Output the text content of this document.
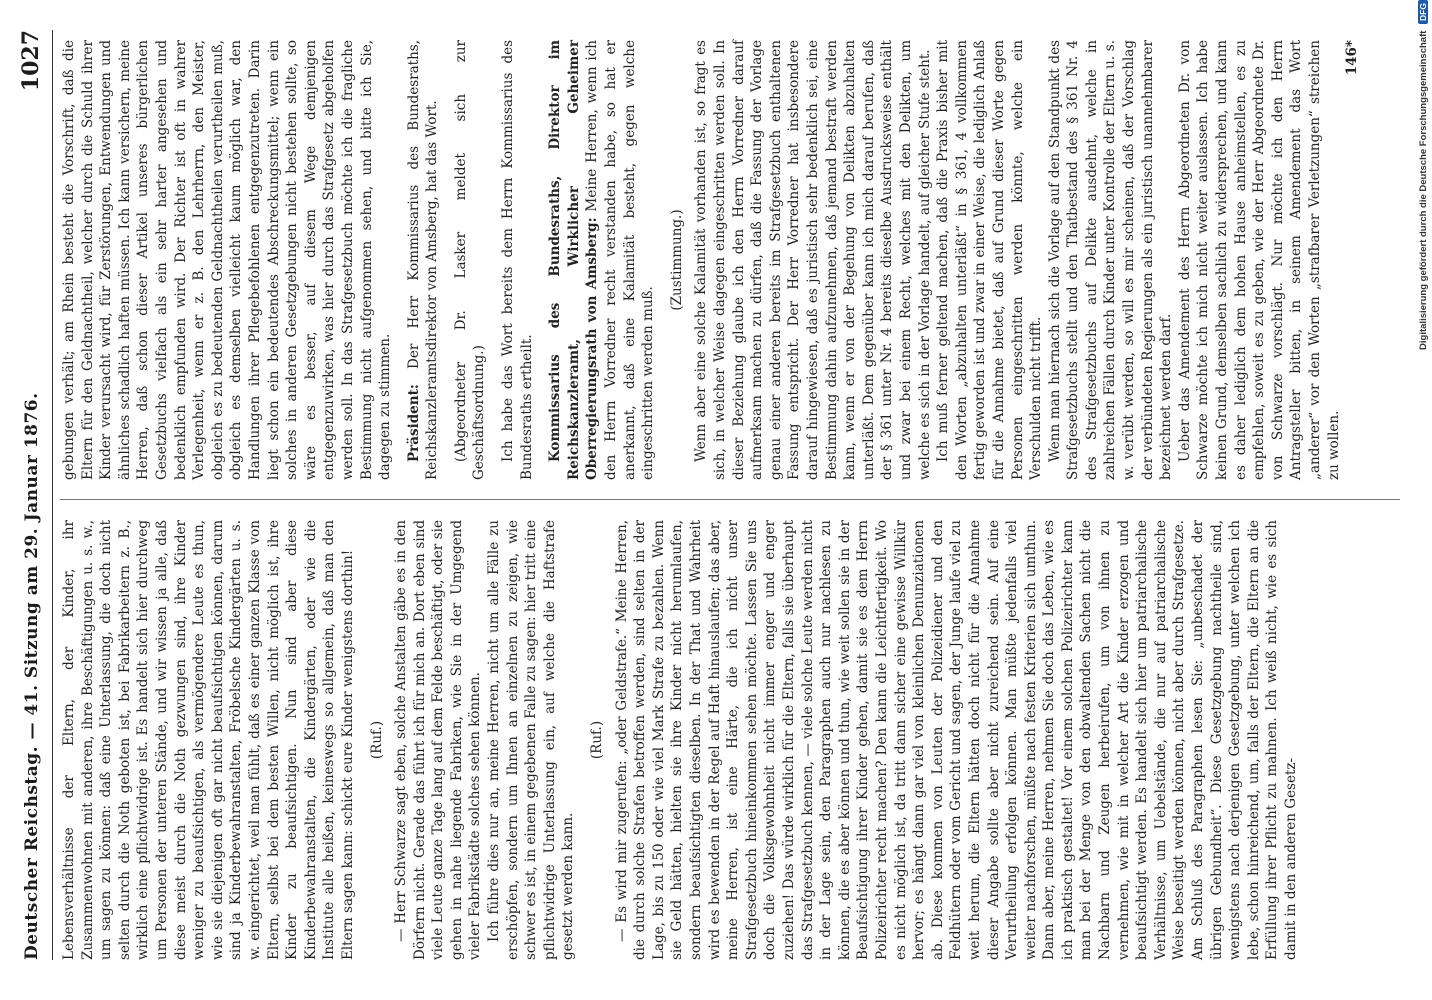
Deutscher Reichstag. — 41. Sitzung am 29. Januar 1876.
1027

Lebensverhältnisse der Eltern, der Kinder, ihr Zusammenwohnen mit anderen, ihre Beschäftigungen u. s. w., um sagen zu können: daß eine Unterlassung, die doch nicht selten durch die Noth geboten ist, bei Fabrikarbeitern z. B., wirklich eine pflichtwidrige ist. Es handelt sich hier durchweg um Personen der unteren Stände, und wir wissen ja alle, daß diese meist durch die Noth gezwungen sind, ihre Kinder weniger zu beaufsichtigen, als vermögendere Leute es thun, wie sie diejenigen oft gar nicht beaufsichtigen können, darum sind ja Kinderbewahranstalten, Fröbelsche Kindergärten u. s. w. eingerichtet, weil man fühlt, daß es einer ganzen Klasse von Eltern, selbst bei dem besten Willen, nicht möglich ist, ihre Kinder zu beaufsichtigen. Nun sind aber diese Kinderbewahranstalten, die Kindergärten, oder wie die Institute alle heißen, keineswegs so allgemein, daß man den Eltern sagen kann: schickt eure Kinder wenigstens dorthin! (Ruf.) — Herr Schwarze sagt eben, solche Anstalten gäbe es in den Dörfern nicht. Gerade das führt ich für mich an. Dort eben sind viele Leute ganze Tage lang auf dem Felde beschäftigt, oder sie gehen in nahe liegende Fabriken, wie Sie in der Umgegend vieler Fabrikstädte solches sehen können. Ich führe dies nur an, meine Herren, nicht um alle Fälle zu erschöpfen, sondern um Ihnen an einzelnen zu zeigen, wie schwer es ist, in einem gegebenen Falle zu sagen: hier tritt eine pflichtwidrige Unterlassung ein, auf welche die Haftstrafe gesetzt werden kann.

(Ruf.) — Es wird mir zugerufen: „oder Geldstrafe.“ Meine Herren, die durch solche Strafen betroffen werden, sind selten in der Lage, bis zu 150 oder wie viel Mark Strafe zu bezahlen. Wenn sie Geld hätten, hielten sie ihre Kinder nicht herumlaufen, sondern beaufsichtigten dieselben. In der That und Wahrheit wird es bewenden in der Regel auf Haft hinauslaufen; das aber, meine Herren, ist eine Härte, die ich nicht unser Strafgesetzbuch hineinkommen sehen möchte. Lassen Sie uns doch die Volksgewohnheit nicht immer enger und enger zuziehen! Das würde wirklich für die Eltern, falls sie überhaupt das Strafgesetzbuch kennen, — viele solche Leute werden nicht in der Lage sein, den Paragraphen auch nur nachlesen zu können, die es aber können und thun, wie weit sollen sie in der Beaufsichtigung ihrer Kinder gehen, damit sie es dem Herrn Polizeirichter recht machen? Den kann die Leichtfertigkeit. Wo es nicht möglich ist, da tritt dann sicher eine gewisse Willkür hervor; es hängt dann gar viel von kleinlichen Denunziationen ab. Diese kommen von Leuten der Polizeidiener und den Feldhütern oder vom Gericht und sagen, der Junge laufe viel zu weit herum, die Eltern hätten doch nicht für die Annahme dieser Angabe sollte aber nicht zureichend sein. Auf eine Verurtheilung erfolgen können. Man müßte jedenfalls viel weiter nachforschen, müßte nach festen Kriterien sich umthun. Dann aber, meine Herren, nehmen Sie doch das Leben, wie es ich praktisch gestaltet! Vor einem solchen Polizeirichter kann man bei der Menge von den obwaltenden Sachen nicht die Nachbarn und Zeugen herbeirufen, um von ihnen zu vernehmen, wie mit in welcher Art die Kinder erzogen und beaufsichtigt werden. Es handelt sich hier um patriarchalische Verhältnisse, um Uebelstände, die nur auf patriarchalische Weise beseitigt werden können, nicht aber durch Strafgesetze. Am Schluß des Paragraphen lesen Sie: „unbeschadet der übrigen Gebundheit“. Diese Gesetzgebung nachtheile sind, wenigstens nach derjenigen Gesetzgebung, unter welchen ich lebe, schon hinreichend, um, falls der Eltern, die Eltern an die Erfüllung ihrer Pflicht zu mahnen. Ich weiß nicht, wie es sich damit in den anderen Gesetz-

gebungen verhält; am Rhein besteht die Vorschrift, daß die Eltern für den Geldnachtheil, welcher durch die Schuld ihrer Kinder verursacht wird, für Zerstörungen, Entwendungen und ähnliches schadlich haften müssen. Ich kann versichern, meine Herren, daß schon dieser Artikel unseres bürgerlichen Gesetzbuchs vielfach als ein sehr harter angesehen und bedenklich empfunden wird. Der Richter ist oft in wahrer Verlegenheit, wenn er z. B. den Lehrherrn, den Meister, obgleich es zu bedeutenden Geldnachtheilen verurtheilen muß, obgleich es demselben vielleicht kaum möglich war, den Handlungen ihrer Pflegebefohlenen entgegenzutreten. Darin liegt schon ein bedeutendes Abschreckungsmittel; wenn ein solches in anderen Gesetzgebungen nicht bestehen sollte, so wäre es besser, auf diesem Wege demjenigen entgegenzuwirken, was hier durch das Strafgesetz abgeholfen werden soll. In das Strafgesetzbuch möchte ich die fragliche Bestimmung nicht aufgenommen sehen, und bitte ich Sie, dagegen zu stimmen. Präsident: Der Herr Kommissarius des Bundesraths, Reichskanzleramtsdirektor von Amsberg, hat das Wort. (Abgeordneter Dr. Lasker meldet sich zur Geschäftsordnung.) Ich habe das Wort bereits dem Herrn Kommissarius des Bundesraths ertheilt. Kommissarius des Bundesraths, Direktor im Reichskanzleramt, Wirklicher Geheimer Oberregierungsrath von Amsberg: Meine Herren, wenn ich den Herrn Vorredner recht verstanden habe, so hat er anerkannt, daß eine Kalamität besteht, gegen welche eingeschritten werden muß.

(Zustimmung.) Wenn aber eine solche Kalamität vorhanden ist, so fragt es sich, in welcher Weise dagegen eingeschritten werden soll. In dieser Beziehung glaube ich den Herrn Vorredner darauf aufmerksam machen zu dürfen, daß die Fassung der Vorlage genau einer anderen bereits im Strafgesetzbuch enthaltenen Fassung entspricht. Der Herr Vorredner hat insbesondere darauf hingewiesen, daß es juristisch sehr bedenklich sei, eine Bestimmung dahin aufzunehmen, daß jemand bestraft werden kann, wenn er von der Begehung von Delikten abzuhalten unterläßt. Dem gegenüber kann ich mich darauf berufen, daß der § 361 unter Nr. 4 bereits dieselbe Ausdrucksweise enthält und zwar bei einem Recht, welches mit den Delikten, um welche es sich in der Vorlage handelt, auf gleicher Stufe steht. Ich muß ferner geltend machen, daß die Praxis bisher mit den Worten „abzuhalten unterläßt“ in § 361, 4 vollkommen fertig geworden ist und zwar in einer Weise, die lediglich Anlaß für die Annahme bietet, daß auf Grund dieser Worte gegen Personen eingeschritten werden könnte, welche ein Verschulden nicht trifft. Wenn man hiernach sich die Vorlage auf den Standpunkt des Strafgesetzbuchs stellt und den Thatbestand des § 361 Nr. 4 des Strafgesetzbuchs auf Delikte ausdehnt, welche in zahlreichen Fällen durch Kinder unter Kontrolle der Eltern u. s. w. verübt werden, so will es mir scheinen, daß der Vorschlag der verbündeten Regierungen als ein juristisch unannehmbarer bezeichnet werden darf. Ueber das Amendement des Herrn Abgeordneten Dr. von Schwarze möchte ich mich nicht weiter auslassen. Ich habe keinen Grund, demselben sachlich zu widersprechen, und kann es daher lediglich dem hohen Hause anheimstellen, es zu empfehlen, soweit es zu geben, wie der Herr Abgeordnete Dr. von Schwarze vorschlägt. Nur möchte ich den Herrn Antragsteller bitten, in seinem Amendement das Wort „anderer“ vor den Worten „strafbarer Verletzungen“ streichen zu wollen.

146*	Digitalisierung gefördert durch die Deutsche Forschungsgemeinschaft DFG
